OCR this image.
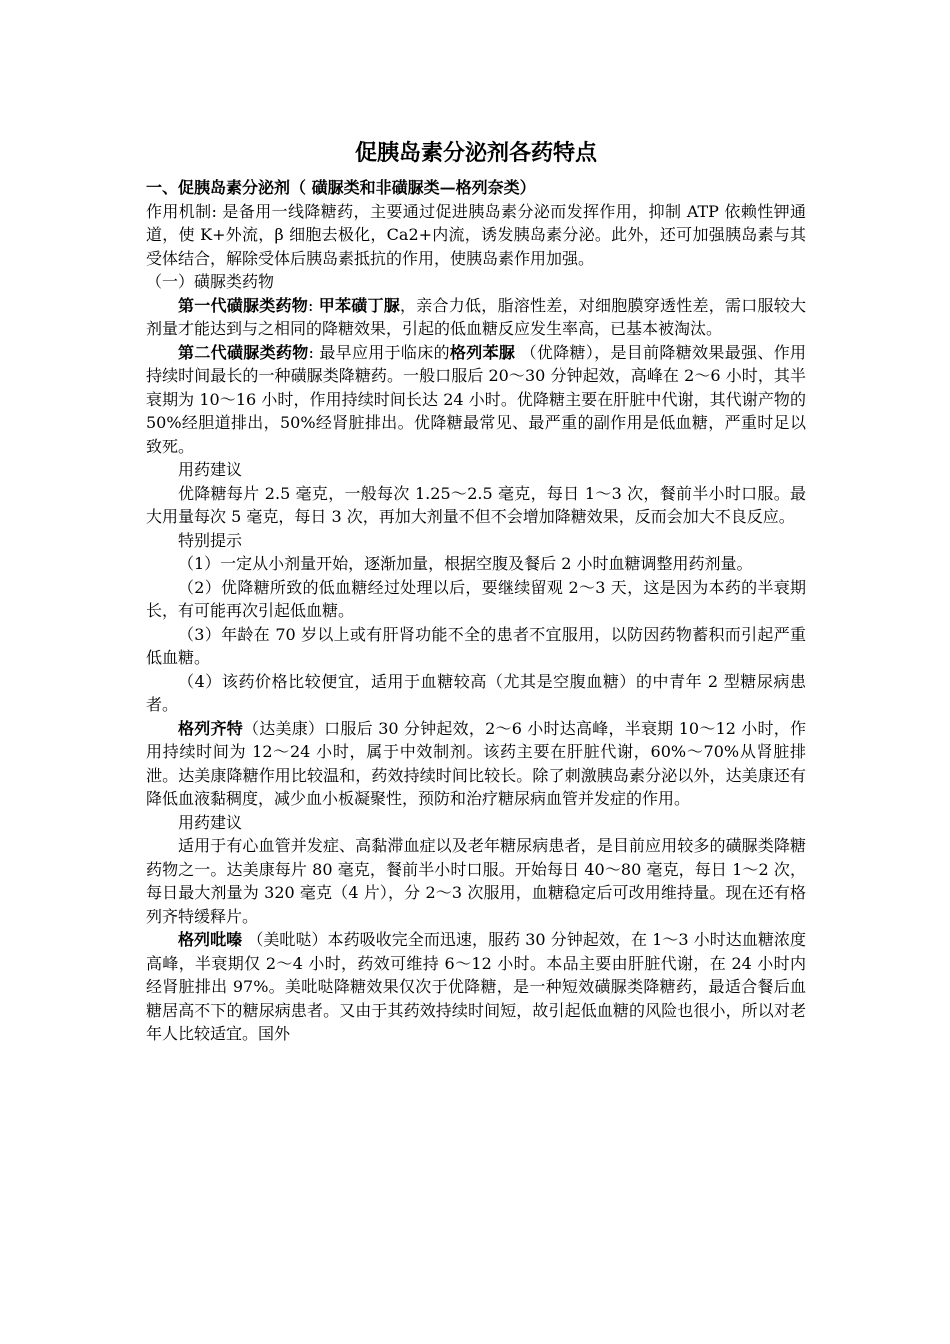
促胰岛素分泌剂各药特点

一、促胰岛素分泌剂（ 磺脲类和非磺脲类—格列奈类）

作用机制: 是备用一线降糖药，主要通过促进胰岛素分泌而发挥作用，抑制 ATP 依赖性钾通道，使 K+外流，β 细胞去极化，Ca2+内流，诱发胰岛素分泌。此外，还可加强胰岛素与其受体结合，解除受体后胰岛素抵抗的作用，使胰岛素作用加强。

（一）磺脲类药物

第一代磺脲类药物: 甲苯磺丁脲，亲合力低，脂溶性差，对细胞膜穿透性差，需口服较大剂量才能达到与之相同的降糖效果，引起的低血糖反应发生率高，已基本被淘汰。

第二代磺脲类药物: 最早应用于临床的格列苯脲 （优降糖），是目前降糖效果最强、作用持续时间最长的一种磺脲类降糖药。一般口服后 20～30 分钟起效，高峰在 2～6 小时，其半衰期为 10～16 小时，作用持续时间长达 24 小时。优降糖主要在肝脏中代谢，其代谢产物的 50%经胆道排出，50%经肾脏排出。优降糖最常见、最严重的副作用是低血糖，严重时足以致死。

用药建议

优降糖每片 2.5 毫克，一般每次 1.25～2.5 毫克，每日 1～3 次，餐前半小时口服。最大用量每次 5 毫克，每日 3 次，再加大剂量不但不会增加降糖效果，反而会加大不良反应。

特别提示

（1）一定从小剂量开始，逐渐加量，根据空腹及餐后 2 小时血糖调整用药剂量。

（2）优降糖所致的低血糖经过处理以后，要继续留观 2～3 天，这是因为本药的半衰期长，有可能再次引起低血糖。

（3）年龄在 70 岁以上或有肝肾功能不全的患者不宜服用，以防因药物蓄积而引起严重低血糖。

（4）该药价格比较便宜，适用于血糖较高（尤其是空腹血糖）的中青年 2 型糖尿病患者。

格列齐特（达美康）口服后 30 分钟起效，2～6 小时达高峰，半衰期 10～12 小时，作用持续时间为 12～24 小时，属于中效制剂。该药主要在肝脏代谢，60%～70%从肾脏排泄。达美康降糖作用比较温和，药效持续时间比较长。除了刺激胰岛素分泌以外，达美康还有降低血液黏稠度，减少血小板凝聚性，预防和治疗糖尿病血管并发症的作用。

用药建议

适用于有心血管并发症、高黏滞血症以及老年糖尿病患者，是目前应用较多的磺脲类降糖药物之一。达美康每片 80 毫克，餐前半小时口服。开始每日 40～80 毫克，每日 1～2 次，每日最大剂量为 320 毫克（4 片），分 2～3 次服用，血糖稳定后可改用维持量。现在还有格列齐特缓释片。

格列吡嗪 （美吡哒）本药吸收完全而迅速，服药 30 分钟起效，在 1～3 小时达血糖浓度高峰，半衰期仅 2～4 小时，药效可维持 6～12 小时。本品主要由肝脏代谢，在 24 小时内经肾脏排出 97%。美吡哒降糖效果仅次于优降糖，是一种短效磺脲类降糖药，最适合餐后血糖居高不下的糖尿病患者。又由于其药效持续时间短，故引起低血糖的风险也很小，所以对老年人比较适宜。国外
